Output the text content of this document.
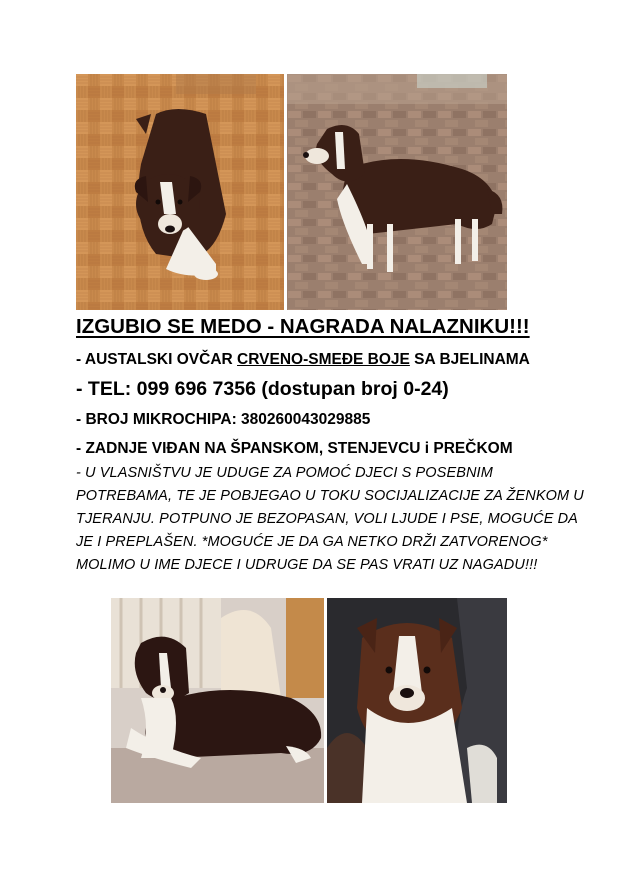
IZGUBIO SE MEDO - NAGRADA NALAZNIKU!!!
- AUSTALSKI OVČAR CRVENO-SMEĐE BOJE SA BJELINAMA
- TEL: 099 696 7356 (dostupan broj 0-24)
- BROJ MIKROCHIPA: 380260043029885
- ZADNJE VIĐAN NA ŠPANSKOM, STENJEVCU i PREČKOM
- U VLASNIŠTVU JE UDUGE ZA POMOĆ DJECI S POSEBNIM
POTREBAMA, TE JE POBJEGAO U TOKU SOCIJALIZACIJE ZA ŽENKOM U
TJERANJU. POTPUNO JE BEZOPASAN, VOLI LJUDE I PSE, MOGUĆE DA
JE I PREPLAŠEN. *MOGUĆE JE DA GA NETKO DRŽI ZATVORENOG*
MOLIMO U IME DJECE I UDRUGE DA SE PAS VRATI UZ NAGADU!!!
